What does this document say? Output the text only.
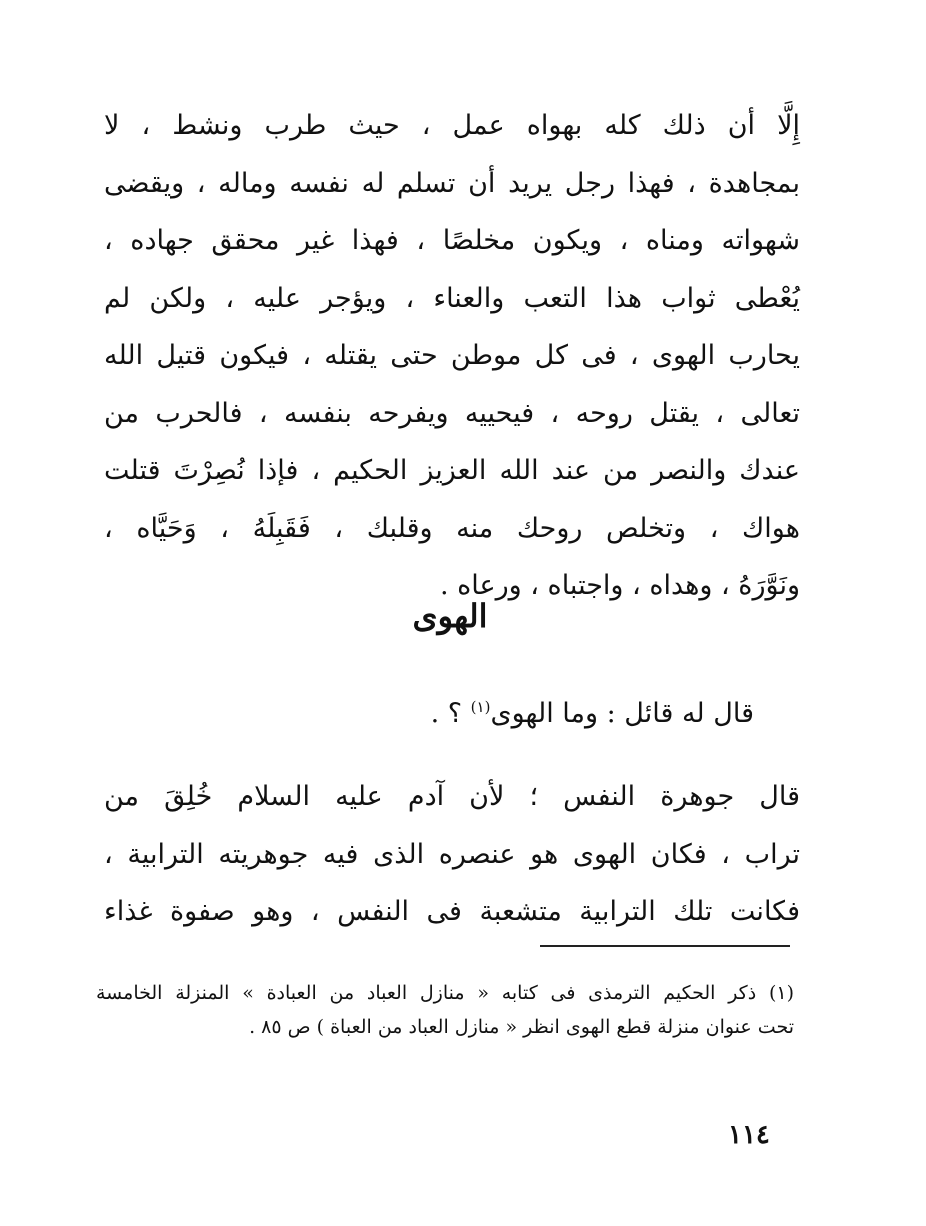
إِلَّا أن ذلك كله بهواه عمل ، حيث طرب ونشط ، لا
بمجاهدة ، فهذا رجل يريد أن تسلم له نفسه وماله ، ويقضى
شهواته ومناه ، ويكون مخلصًا ، فهذا غير محقق جهاده ،
يُعْطى ثواب هذا التعب والعناء ، ويؤجر عليه ، ولكن لم
يحارب الهوى ، فى كل موطن حتى يقتله ، فيكون قتيل الله
تعالى ، يقتل روحه ، فيحييه ويفرحه بنفسه ، فالحرب من
عندك والنصر من عند الله العزيز الحكيم ، فإذا نُصِرْتَ قتلت
هواك ، وتخلص روحك منه وقلبك ، فَقَبِلَهُ ، وَحَيَّاه ،
ونَوَّرَهُ ، وهداه ، واجتباه ، ورعاه .
الهوى

قال له قائل : وما الهوى$^{(١)}$ ؟ .

قال جوهرة النفس ؛ لأن آدم عليه السلام خُلِقَ من
تراب ، فكان الهوى هو عنصره الذى فيه جوهريته الترابية ،
فكانت تلك الترابية متشعبة فى النفس ، وهو صفوة غذاء
(١) ذكر الحكيم الترمذى فى كتابه « منازل العباد من العبادة » المنزلة الخامسة
تحت عنوان منزلة قطع الهوى انظر « منازل العباد من العباة ) ص ٨٥ .
١١٤
